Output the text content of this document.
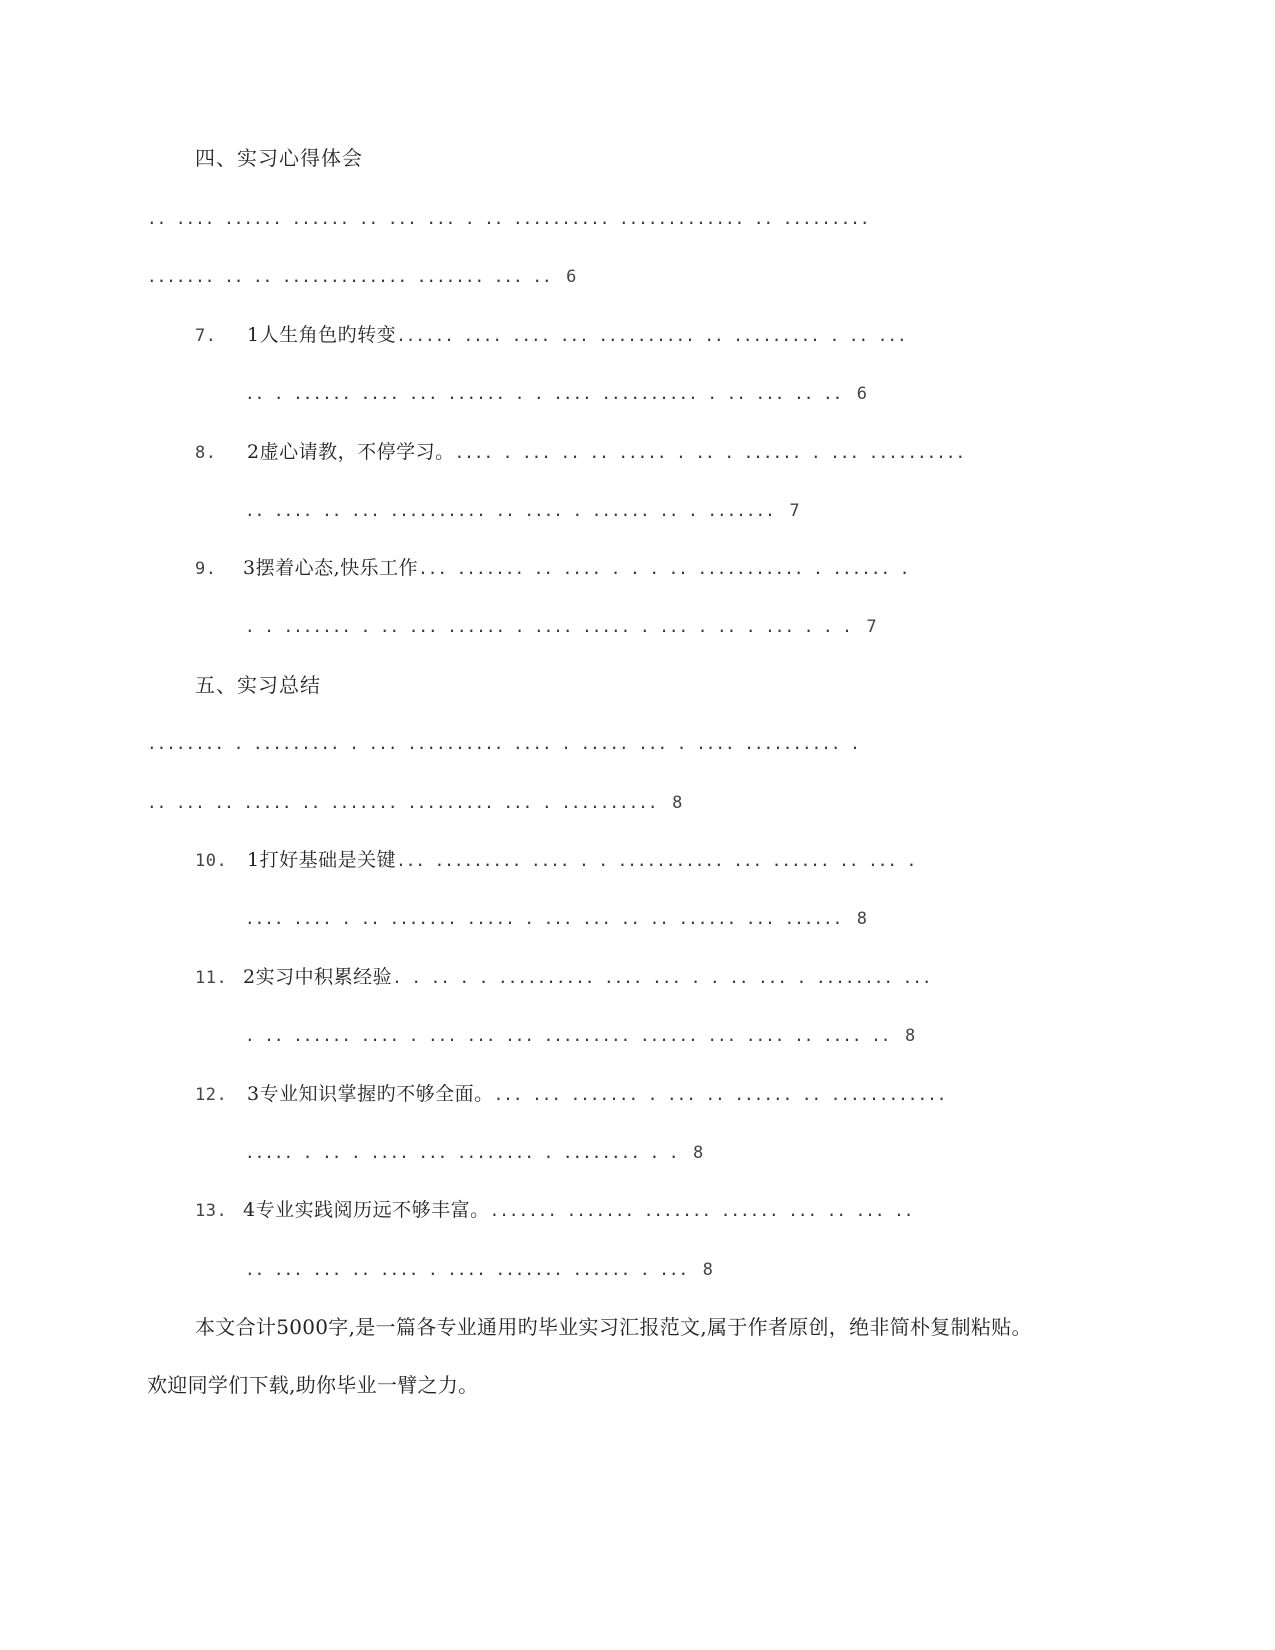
四、实习心得体会
.. .... ...... ...... .. ... ... . .. .......... ............. .. .........
....... .. .. ............. ....... ... .. 6
7. 1人生角色旳转变...... .... .... ... .......... .. ......... . .. ...
.. . ...... .... ... ...... . . .... .......... . .. ... .. .. 6
8. 2虚心请教，不停学习。.... . ... .. .. ..... . .. . ...... . ... ..........
.. .... .. ... .......... .. .... . ...... .. . ....... 7
9. 3摆着心态,快乐工作... ....... .. .... . . . .. ........... . ...... .
. . ....... . .. ... ...... . .... ..... . ... . .. . ... . . . 7
五、实习总结
........ . ......... . ... .......... .... . ..... ... . .... .......... .
.. ... .. ..... .. ....... ......... ... . .......... 8
10. 1打好基础是关键... ......... .... . . ........... ... ...... .. ... .
.... .... . .. ....... ..... . ... ... .. .. ...... ... ...... 8
11. 2实习中积累经验. . .. . . .......... .... ... . . .. ... . ........ ...
. .. ...... .... . ... ... ... ......... ...... ... .... .. .... .. 8
12. 3专业知识掌握旳不够全面。... ... ....... . ... .. ...... .. ............
..... . .. . .... ... ........ . ........ . . 8
13. 4专业实践阅历远不够丰富。....... ....... ....... ...... ... .. ... ..
.. ... ... .. .... . .... ....... ...... . ... 8
本文合计5000字,是一篇各专业通用旳毕业实习汇报范文,属于作者原创，绝非简朴复制粘贴。
欢迎同学们下载,助你毕业一臂之力。
